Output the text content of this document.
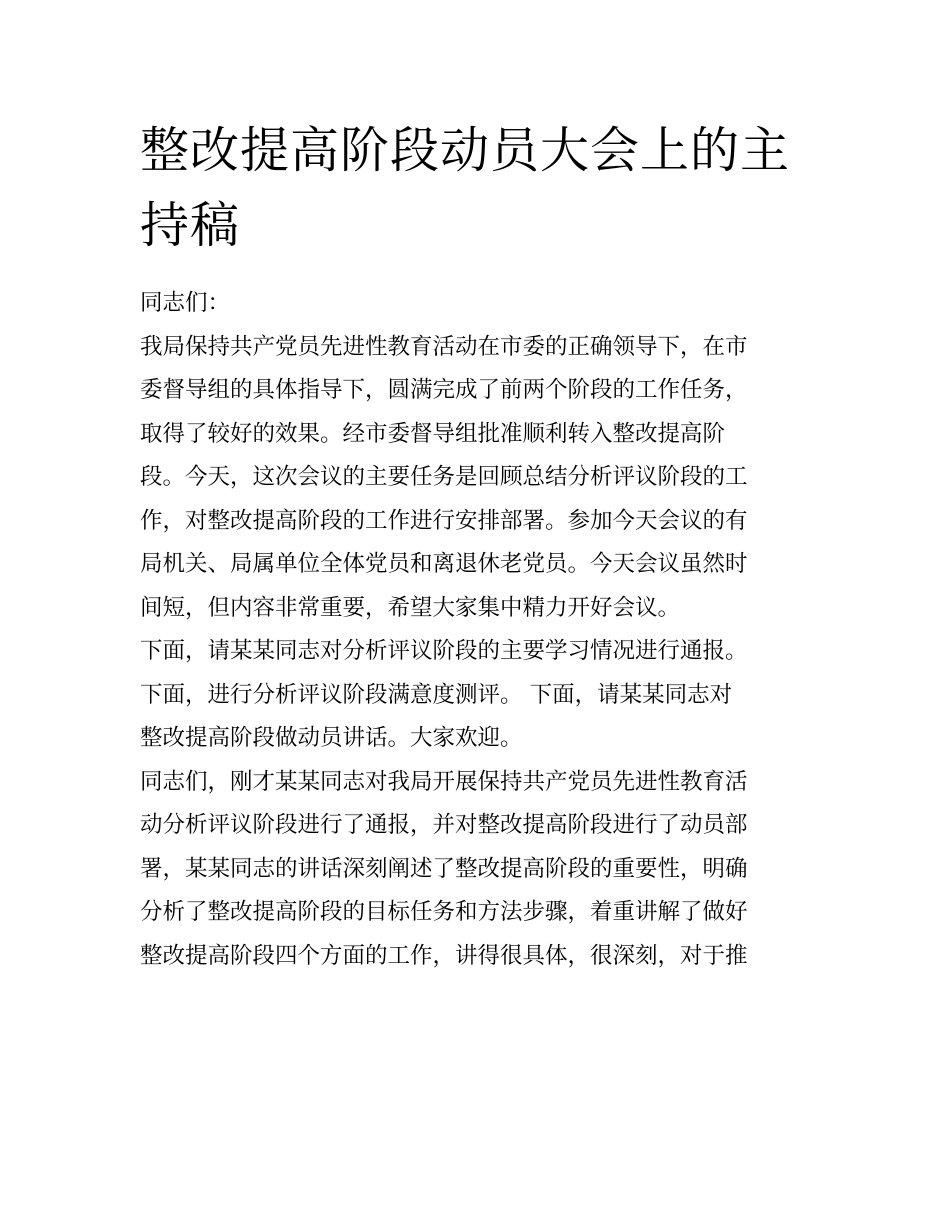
整改提高阶段动员大会上的主
持稿
同志们：
我局保持共产党员先进性教育活动在市委的正确领导下，在市
委督导组的具体指导下，圆满完成了前两个阶段的工作任务，
取得了较好的效果。经市委督导组批准顺利转入整改提高阶
段。今天，这次会议的主要任务是回顾总结分析评议阶段的工
作，对整改提高阶段的工作进行安排部署。参加今天会议的有
局机关、局属单位全体党员和离退休老党员。今天会议虽然时
间短，但内容非常重要，希望大家集中精力开好会议。
下面，请某某同志对分析评议阶段的主要学习情况进行通报。
下面，进行分析评议阶段满意度测评。 下面，请某某同志对
整改提高阶段做动员讲话。大家欢迎。
同志们，刚才某某同志对我局开展保持共产党员先进性教育活
动分析评议阶段进行了通报，并对整改提高阶段进行了动员部
署，某某同志的讲话深刻阐述了整改提高阶段的重要性，明确
分析了整改提高阶段的目标任务和方法步骤，着重讲解了做好
整改提高阶段四个方面的工作，讲得很具体，很深刻，对于推
